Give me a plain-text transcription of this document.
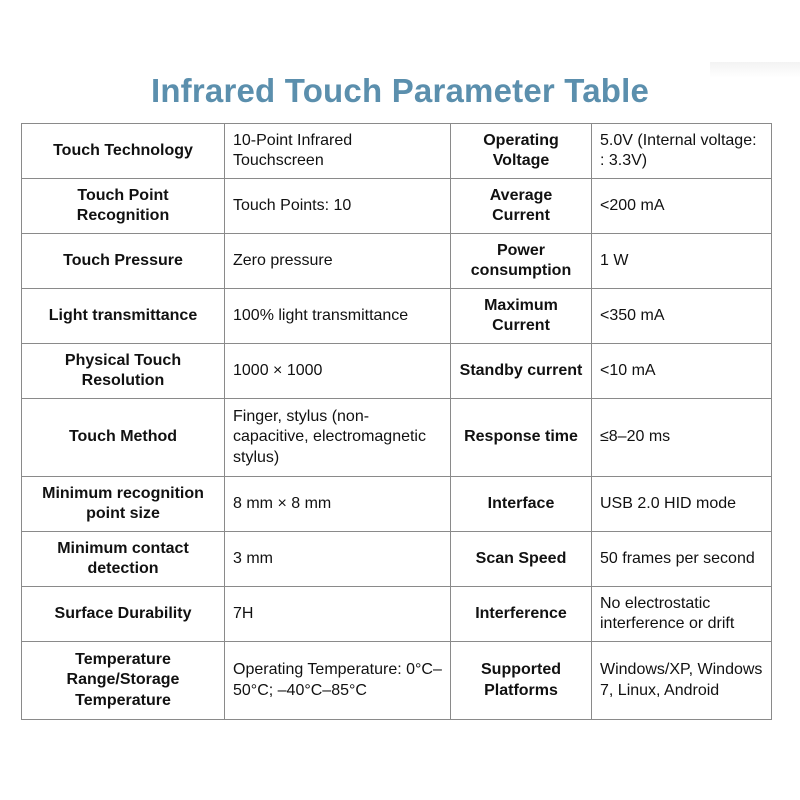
Infrared Touch Parameter Table
Touch Technology	10-Point Infrared Touchscreen	Operating Voltage	5.0V (Internal voltage: : 3.3V)
Touch Point Recognition	Touch Points: 10	Average Current	<200 mA
Touch Pressure	Zero pressure	Power consumption	1 W
Light transmittance	100% light transmittance	Maximum Current	<350 mA
Physical Touch Resolution	1000 × 1000	Standby current	<10 mA
Touch Method	Finger, stylus (non-capacitive, electromagnetic stylus)	Response time	≤8–20 ms
Minimum recognition point size	8 mm × 8 mm	Interface	USB 2.0 HID mode
Minimum contact detection	3 mm	Scan Speed	50 frames per second
Surface Durability	7H	Interference	No electrostatic interference or drift
Temperature Range/Storage Temperature	Operating Temperature: 0°C–50°C; –40°C–85°C	Supported Platforms	Windows/XP, Windows 7, Linux, Android
